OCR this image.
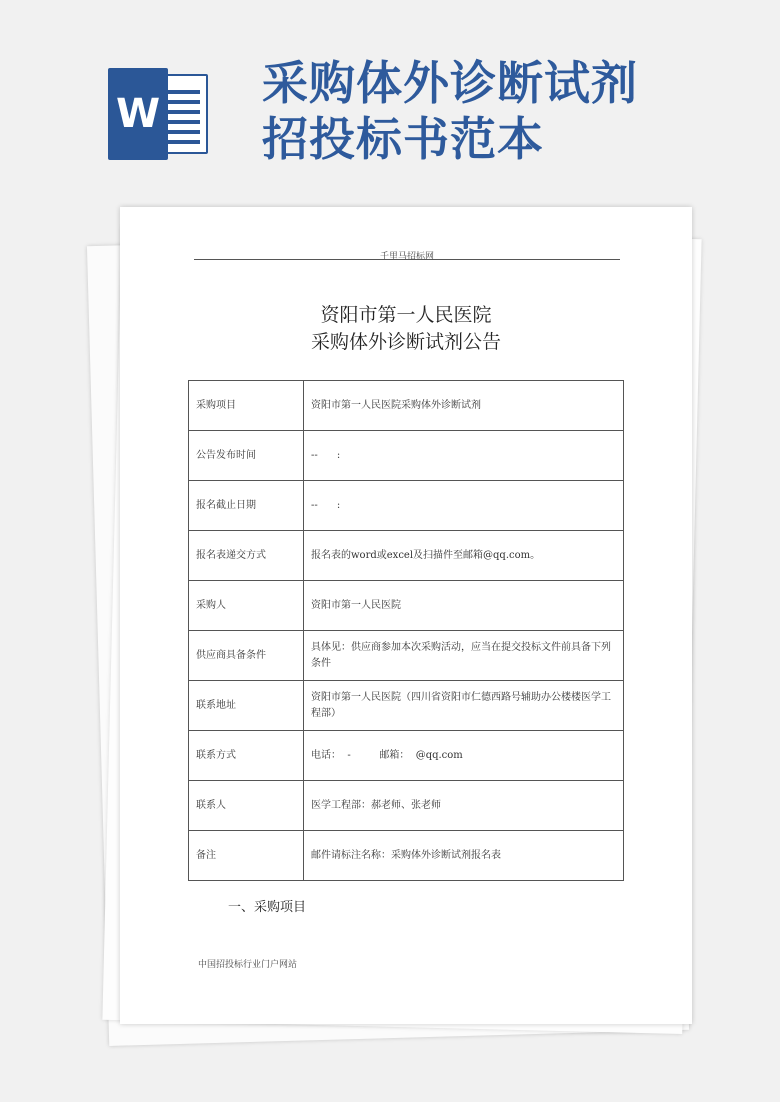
W
采购体外诊断试剂
招投标书范本
千里马招标网
资阳市第一人民医院
采购体外诊断试剂公告
采购项目	资阳市第一人民医院采购体外诊断试剂
公告发布时间	--      :
报名截止日期	--      :
报名表递交方式	报名表的word或excel及扫描件至邮箱@qq.com。
采购人	资阳市第一人民医院
供应商具备条件	具体见：供应商参加本次采购活动，应当在提交投标文件前具备下列条件
联系地址	资阳市第一人民医院（四川省资阳市仁德西路号辅助办公楼楼医学工程部）
联系方式	电话：  -         邮箱：  @qq.com
联系人	医学工程部：郝老师、张老师
备注	邮件请标注名称：采购体外诊断试剂报名表
一、采购项目
中国招投标行业门户网站
